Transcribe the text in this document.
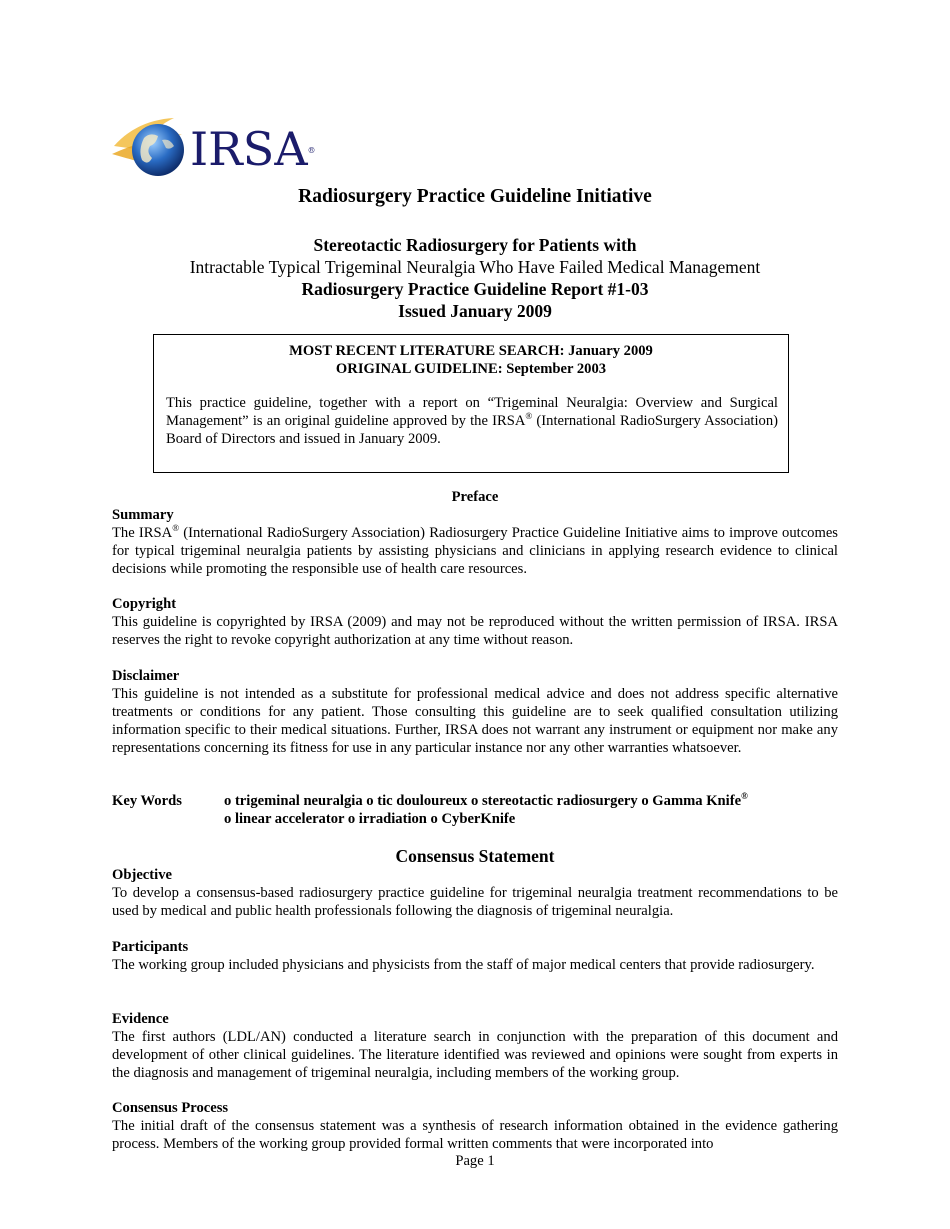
IRSA®
Radiosurgery Practice Guideline Initiative
Stereotactic Radiosurgery for Patients with
Intractable Typical Trigeminal Neuralgia Who Have Failed Medical Management
Radiosurgery Practice Guideline Report #1-03
Issued January 2009
MOST RECENT LITERATURE SEARCH: January 2009
ORIGINAL GUIDELINE: September 2003
This practice guideline, together with a report on “Trigeminal Neuralgia: Overview and Surgical Management” is an original guideline approved by the IRSA® (International RadioSurgery Association) Board of Directors and issued in January 2009.
Preface
Summary
The IRSA® (International RadioSurgery Association) Radiosurgery Practice Guideline Initiative aims to improve outcomes for typical trigeminal neuralgia patients by assisting physicians and clinicians in applying research evidence to clinical decisions while promoting the responsible use of health care resources.
Copyright
This guideline is copyrighted by IRSA (2009) and may not be reproduced without the written permission of IRSA. IRSA reserves the right to revoke copyright authorization at any time without reason.
Disclaimer
This guideline is not intended as a substitute for professional medical advice and does not address specific alternative treatments or conditions for any patient. Those consulting this guideline are to seek qualified consultation utilizing information specific to their medical situations. Further, IRSA does not warrant any instrument or equipment nor make any representations concerning its fitness for use in any particular instance nor any other warranties whatsoever.
Key Words	o trigeminal neuralgia o tic douloureux o stereotactic radiosurgery o Gamma Knife®
o linear accelerator o irradiation o CyberKnife
Consensus Statement
Objective
To develop a consensus-based radiosurgery practice guideline for trigeminal neuralgia treatment recommendations to be used by medical and public health professionals following the diagnosis of trigeminal neuralgia.
Participants
The working group included physicians and physicists from the staff of major medical centers that provide radiosurgery.
Evidence
The first authors (LDL/AN) conducted a literature search in conjunction with the preparation of this document and development of other clinical guidelines. The literature identified was reviewed and opinions were sought from experts in the diagnosis and management of trigeminal neuralgia, including members of the working group.
Consensus Process
The initial draft of the consensus statement was a synthesis of research information obtained in the evidence gathering process. Members of the working group provided formal written comments that were incorporated into
Page 1
